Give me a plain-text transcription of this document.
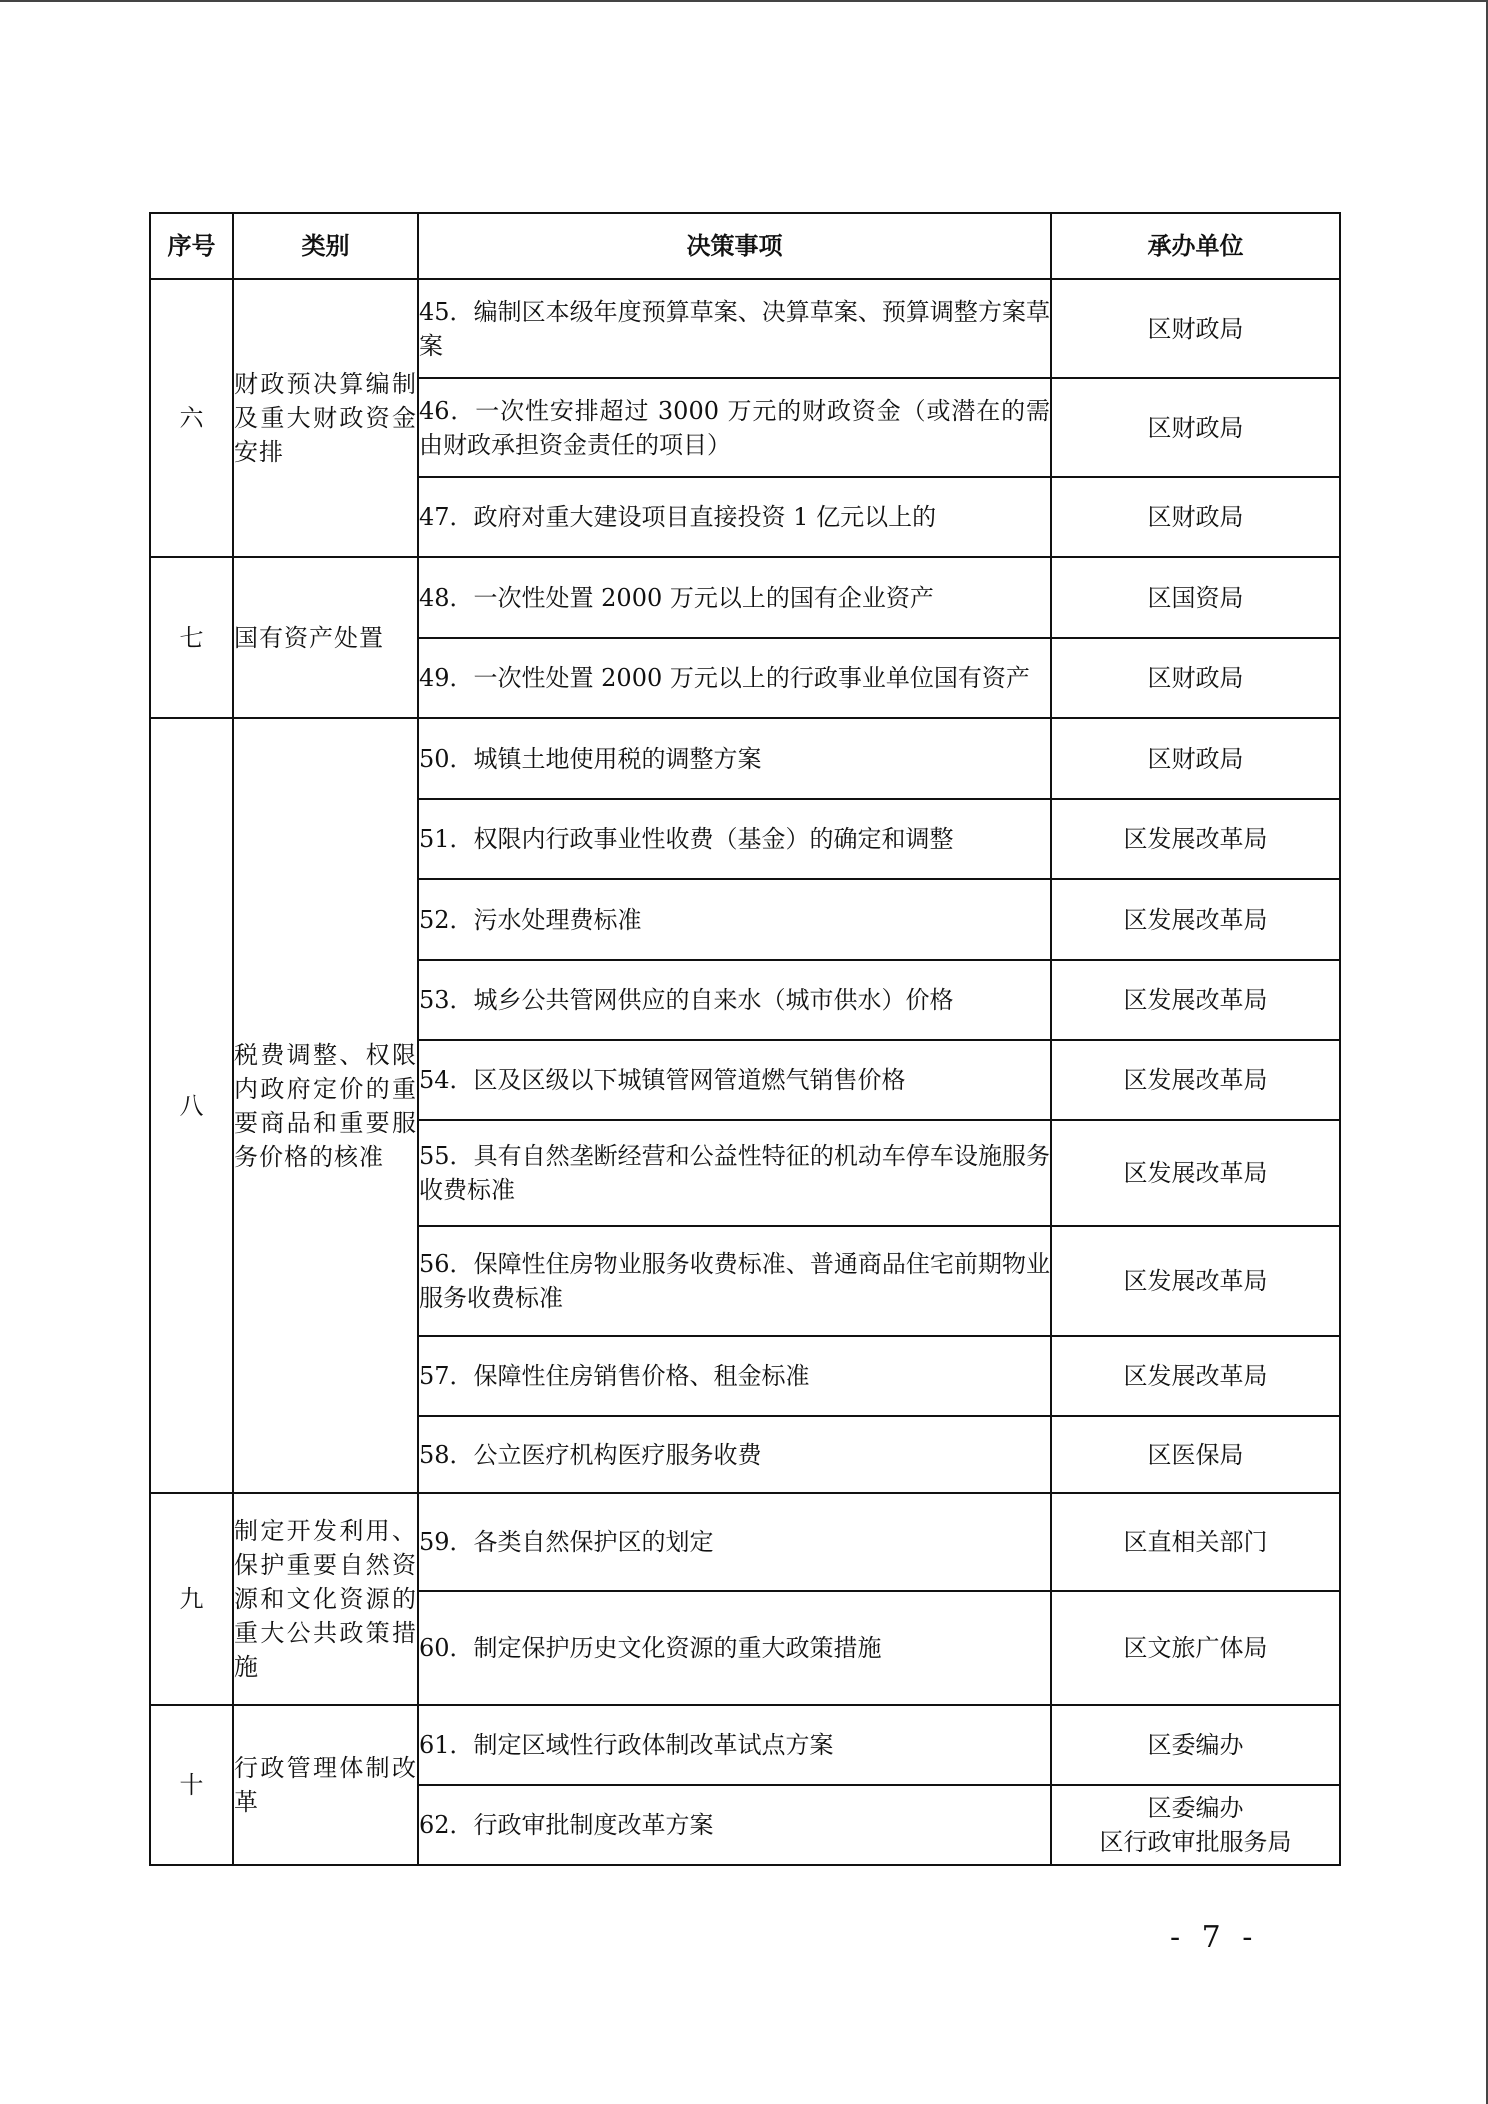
序号	类别	决策事项	承办单位
六	财政预决算编制及重大财政资金安排	45．编制区本级年度预算草案、决算草案、预算调整方案草案	区财政局
		46．一次性安排超过 3000 万元的财政资金（或潜在的需由财政承担资金责任的项目）	区财政局
		47．政府对重大建设项目直接投资 1 亿元以上的	区财政局
七	国有资产处置	48．一次性处置 2000 万元以上的国有企业资产	区国资局
		49．一次性处置 2000 万元以上的行政事业单位国有资产	区财政局
八	税费调整、权限内政府定价的重要商品和重要服务价格的核准	50．城镇土地使用税的调整方案	区财政局
		51．权限内行政事业性收费（基金）的确定和调整	区发展改革局
		52．污水处理费标准	区发展改革局
		53．城乡公共管网供应的自来水（城市供水）价格	区发展改革局
		54．区及区级以下城镇管网管道燃气销售价格	区发展改革局
		55．具有自然垄断经营和公益性特征的机动车停车设施服务收费标准	区发展改革局
		56．保障性住房物业服务收费标准、普通商品住宅前期物业服务收费标准	区发展改革局
		57．保障性住房销售价格、租金标准	区发展改革局
		58．公立医疗机构医疗服务收费	区医保局
九	制定开发利用、保护重要自然资源和文化资源的重大公共政策措施	59．各类自然保护区的划定	区直相关部门
		60．制定保护历史文化资源的重大政策措施	区文旅广体局
十	行政管理体制改革	61．制定区域性行政体制改革试点方案	区委编办
		62．行政审批制度改革方案	区委编办
区行政审批服务局
- 7 -
